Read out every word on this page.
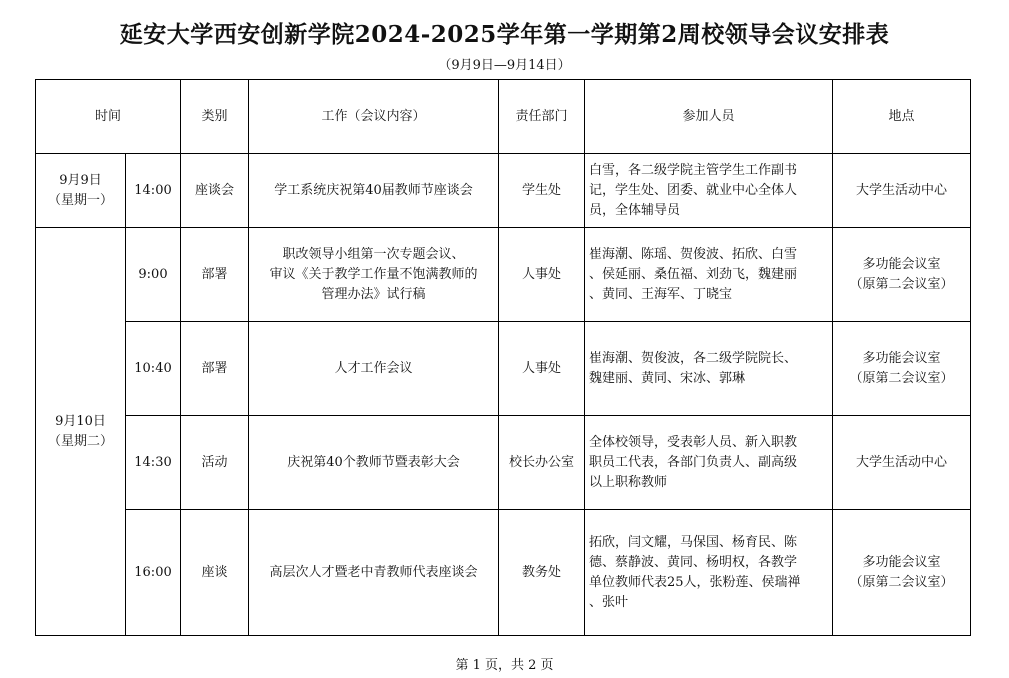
延安大学西安创新学院2024-2025学年第一学期第2周校领导会议安排表
（9月9日—9月14日）
时间		类别	工作（会议内容）	责任部门	参加人员	地点

9月9日
（星期一）	14:00	座谈会	学工系统庆祝第40届教师节座谈会	学生处	白雪，各二级学院主管学生工作副书
记，学生处、团委、就业中心全体人
员，全体辅导员	大学生活动中心

9月10日
（星期二）	9:00	部署	职改领导小组第一次专题会议、
审议《关于教学工作量不饱满教师的
管理办法》试行稿	人事处	崔海潮、陈瑶、贺俊波、拓欣、白雪
、侯延丽、桑伍福、刘劲飞，魏建丽
、黄同、王海军、丁晓宝	多功能会议室
（原第二会议室）

	10:40	部署	人才工作会议	人事处	崔海潮、贺俊波，各二级学院院长、
魏建丽、黄同、宋冰、郭琳	多功能会议室
（原第二会议室）

	14:30	活动	庆祝第40个教师节暨表彰大会	校长办公室	全体校领导，受表彰人员、新入职教
职员工代表，各部门负责人、副高级
以上职称教师	大学生活动中心

	16:00	座谈	高层次人才暨老中青教师代表座谈会	教务处	拓欣，闫文耀，马保国、杨育民、陈
德、蔡静波、黄同、杨明权，各教学
单位教师代表25人，张粉莲、侯瑞禅
、张叶	多功能会议室
（原第二会议室）
第 1 页，共 2 页
